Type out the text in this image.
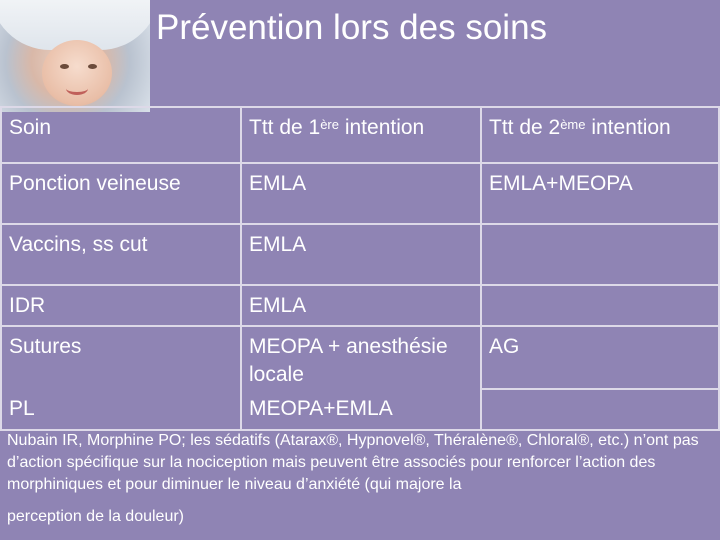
Prévention lors des soins
Soin	Ttt de 1ère intention	Ttt de 2ème intention
Ponction veineuse	EMLA	EMLA+MEOPA
Vaccins, ss cut	EMLA	
IDR	EMLA	
Sutures	MEOPA + anesthésie locale	AG
PL	MEOPA+EMLA	
Nubain IR, Morphine PO; les sédatifs (Atarax®, Hypnovel®, Théralène®, Chloral®, etc.) n’ont pas d’action spécifique sur la nociception mais peuvent être associés pour renforcer l’action des morphiniques et pour diminuer le niveau d’anxiété (qui majore la
perception de la douleur)
